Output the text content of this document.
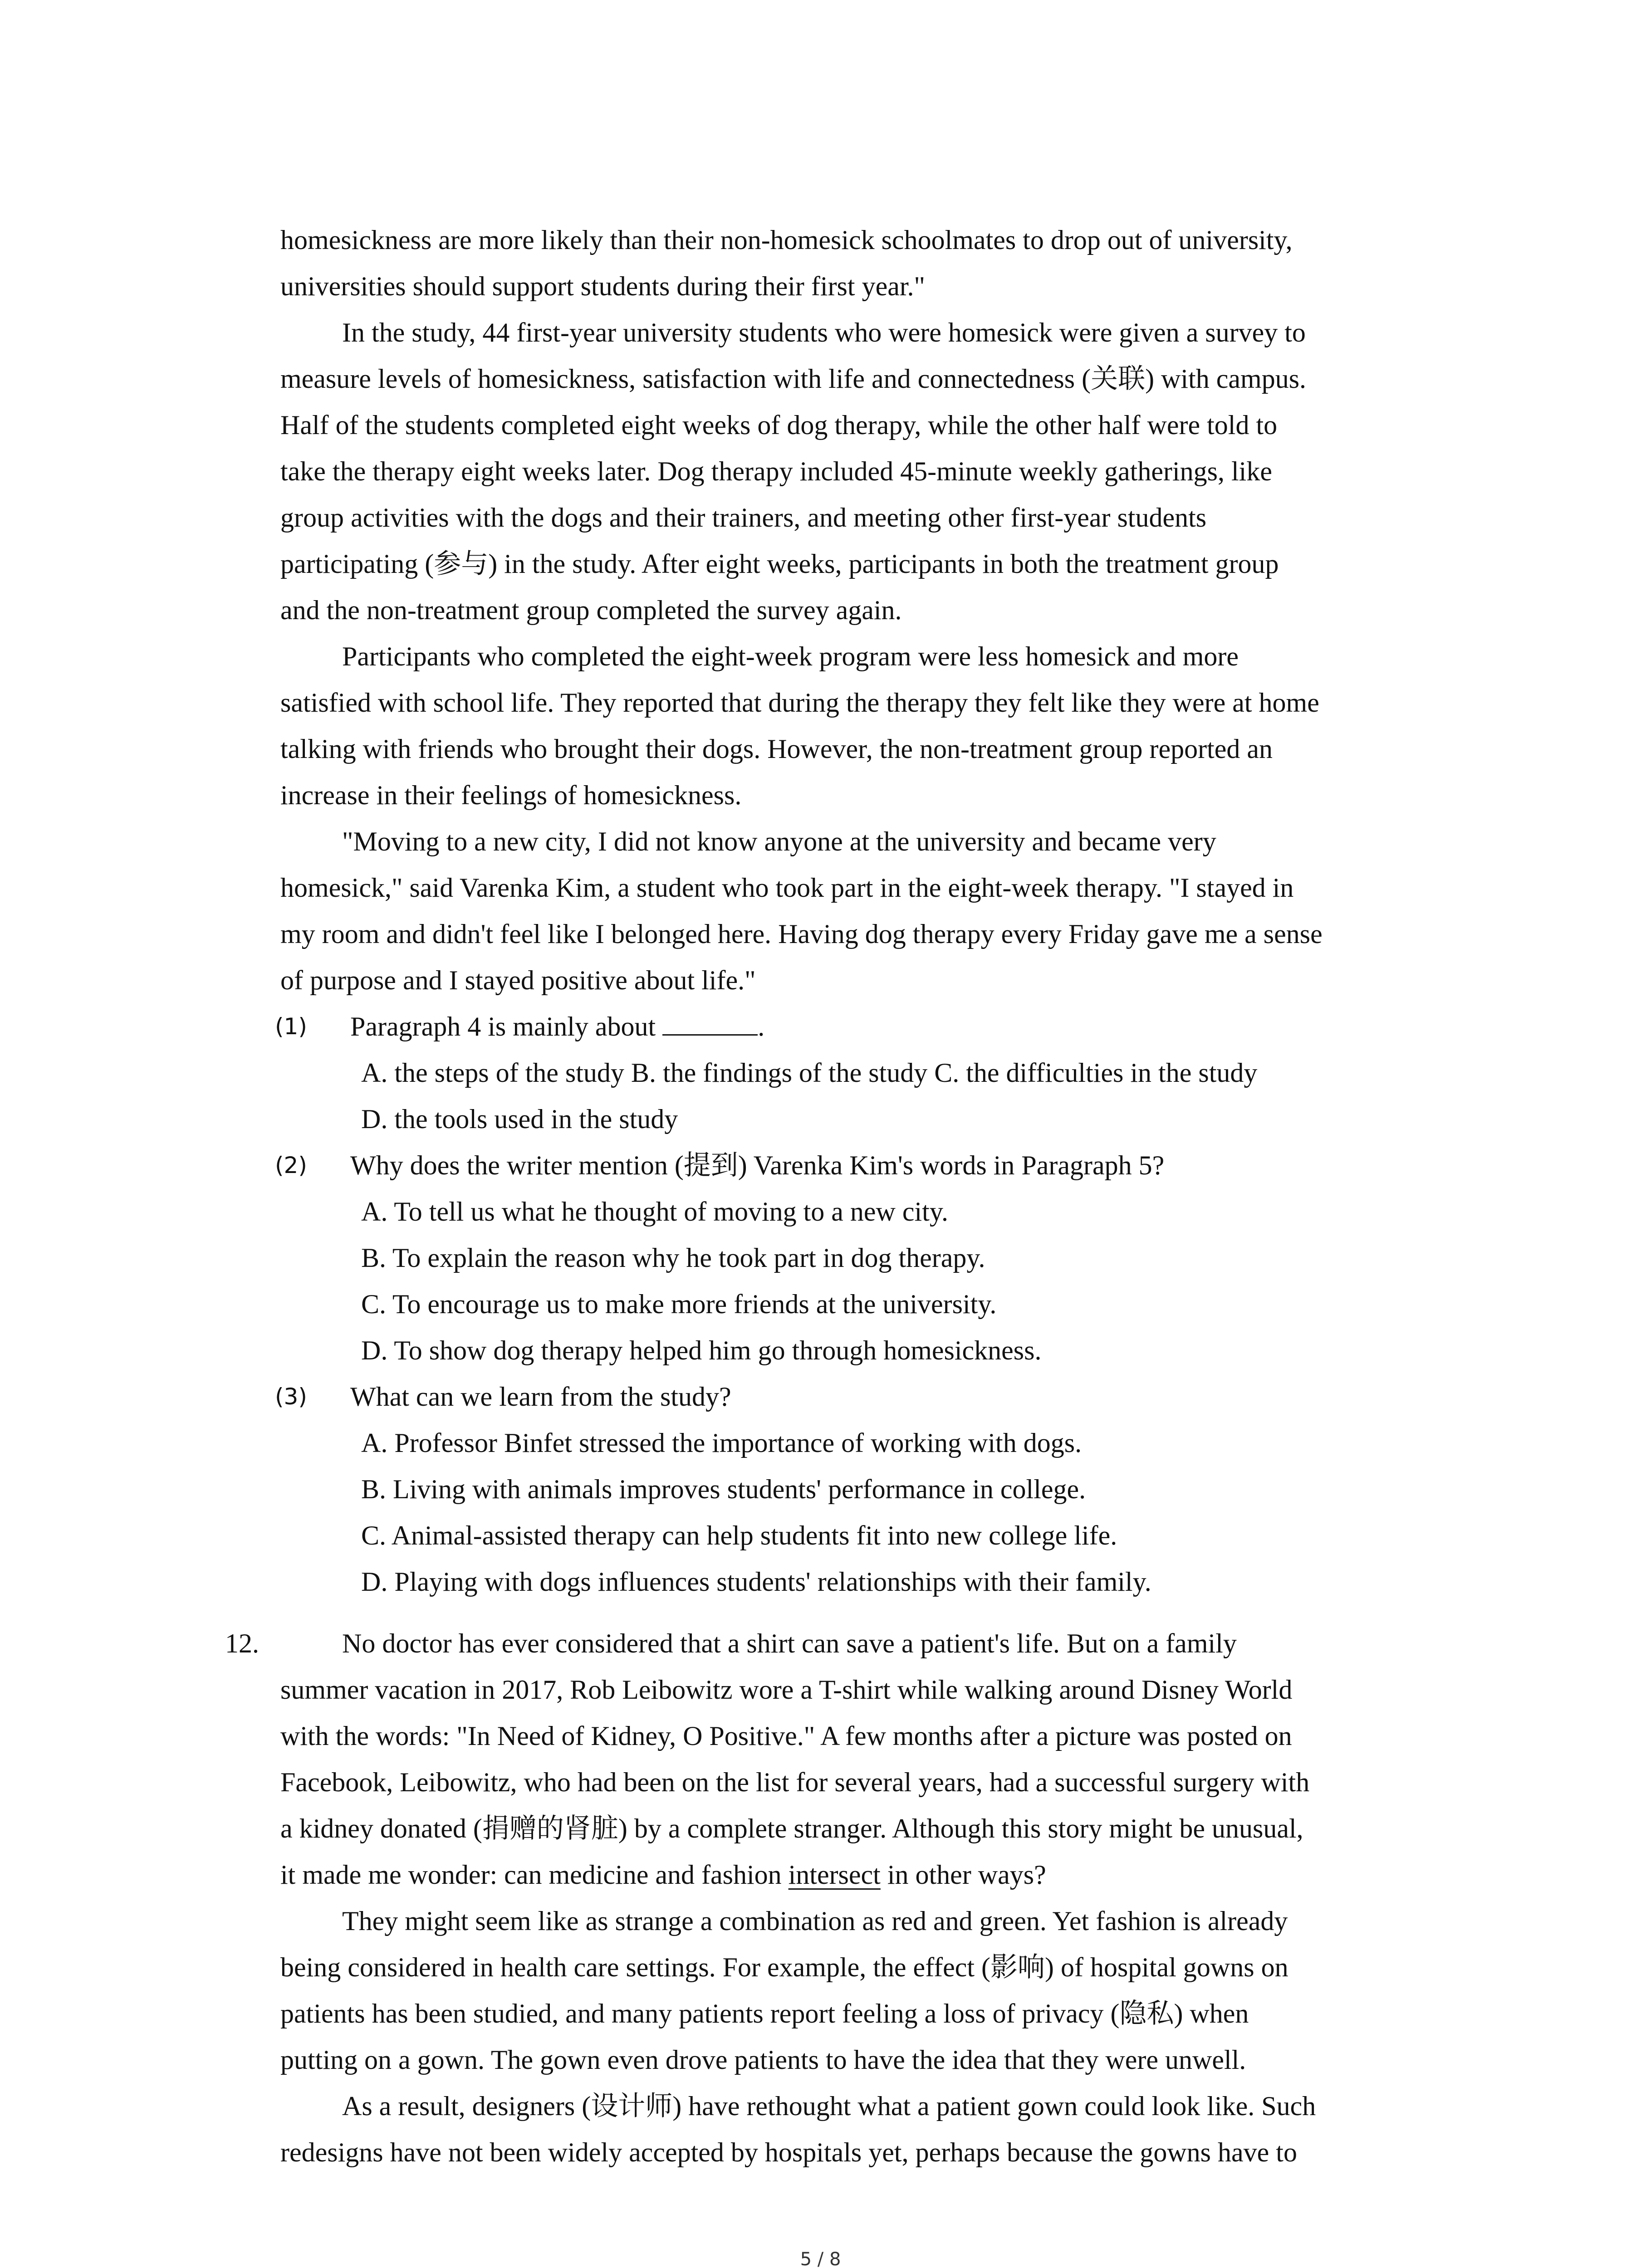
homesickness are more likely than their non-homesick schoolmates to drop out of university,
universities should support students during their first year."
In the study, 44 first-year university students who were homesick were given a survey to
measure levels of homesickness, satisfaction with life and connectedness (关联) with campus.
Half of the students completed eight weeks of dog therapy, while the other half were told to
take the therapy eight weeks later. Dog therapy included 45-minute weekly gatherings, like
group activities with the dogs and their trainers, and meeting other first-year students
participating (参与) in the study. After eight weeks, participants in both the treatment group
and the non-treatment group completed the survey again.
Participants who completed the eight-week program were less homesick and more
satisfied with school life. They reported that during the therapy they felt like they were at home
talking with friends who brought their dogs. However, the non-treatment group reported an
increase in their feelings of homesickness.
"Moving to a new city, I did not know anyone at the university and became very
homesick," said Varenka Kim, a student who took part in the eight-week therapy. "I stayed in
my room and didn't feel like I belonged here. Having dog therapy every Friday gave me a sense
of purpose and I stayed positive about life."
(1) Paragraph 4 is mainly about	.
A. the steps of the study B. the findings of the study C. the difficulties in the study
D. the tools used in the study
(2) Why does the writer mention (提到) Varenka Kim's words in Paragraph 5?
A. To tell us what he thought of moving to a new city.
B. To explain the reason why he took part in dog therapy.
C. To encourage us to make more friends at the university.
D. To show dog therapy helped him go through homesickness.
(3) What can we learn from the study?
A. Professor Binfet stressed the importance of working with dogs.
B. Living with animals improves students' performance in college.
C. Animal-assisted therapy can help students fit into new college life.
D. Playing with dogs influences students' relationships with their family.
12.	No doctor has ever considered that a shirt can save a patient's life. But on a family
summer vacation in 2017, Rob Leibowitz wore a T-shirt while walking around Disney World
with the words: "In Need of Kidney, O Positive." A few months after a picture was posted on
Facebook, Leibowitz, who had been on the list for several years, had a successful surgery with
a kidney donated (捐赠的肾脏) by a complete stranger. Although this story might be unusual,
it made me wonder: can medicine and fashion intersect in other ways?
They might seem like as strange a combination as red and green. Yet fashion is already
being considered in health care settings. For example, the effect (影响) of hospital gowns on
patients has been studied, and many patients report feeling a loss of privacy (隐私) when
putting on a gown. The gown even drove patients to have the idea that they were unwell.
As a result, designers (设计师) have rethought what a patient gown could look like. Such
redesigns have not been widely accepted by hospitals yet, perhaps because the gowns have to
5 / 8
